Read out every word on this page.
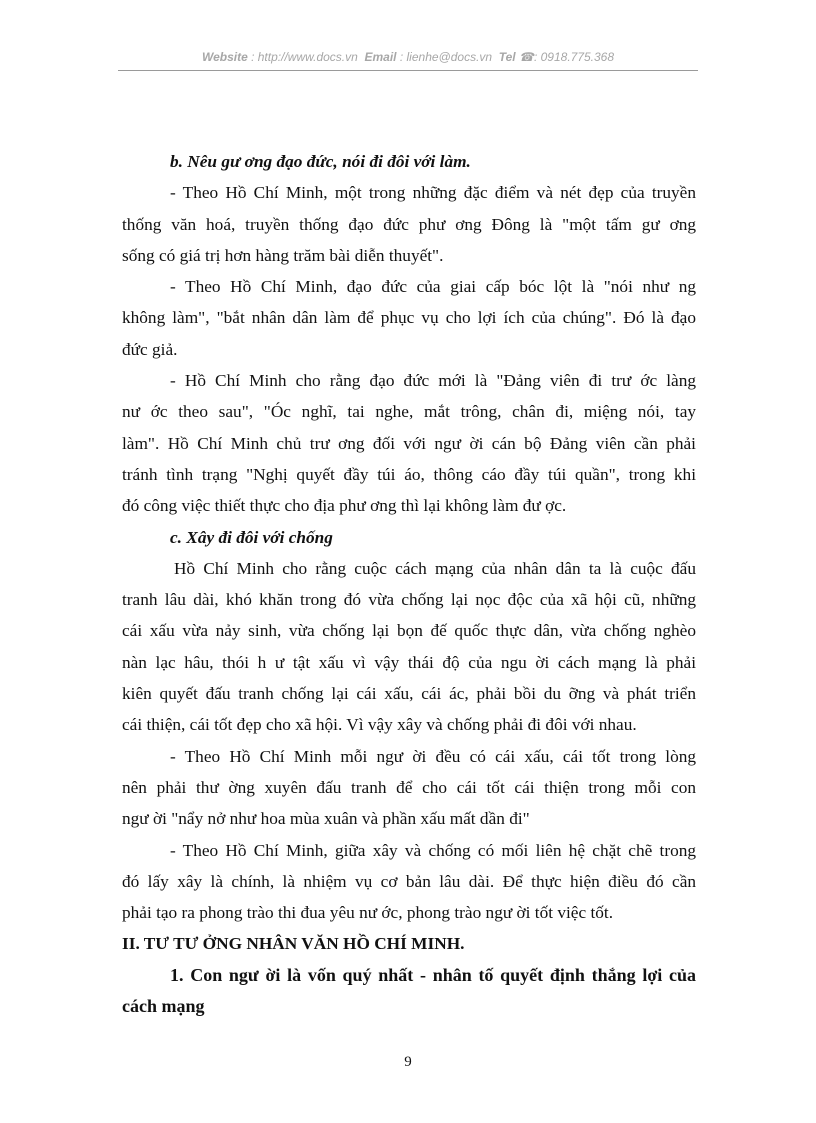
Website : http://www.docs.vn Email : lienhe@docs.vn Tel ☎: 0918.775.368
b. Nêu gư ơng đạo đức, nói đi đôi với làm.
- Theo Hồ Chí Minh, một trong những đặc điểm và nét đẹp của truyền
thống văn hoá, truyền thống đạo đức phư ơng Đông là "một tấm gư ơng
sống có giá trị hơn hàng trăm bài diễn thuyết".
- Theo Hồ Chí Minh, đạo đức của giai cấp bóc lột là "nói như ng
không làm", "bắt nhân dân làm để phục vụ cho lợi ích của chúng". Đó là đạo
đức giả.
- Hồ Chí Minh cho rằng đạo đức mới là "Đảng viên đi trư ớc làng
nư ớc theo sau", "Óc nghĩ, tai nghe, mắt trông, chân đi, miệng nói, tay
làm". Hồ Chí Minh chủ trư ơng đối với ngư ời cán bộ Đảng viên cần phải
tránh tình trạng "Nghị quyết đầy túi áo, thông cáo đầy túi quần", trong khi
đó công việc thiết thực cho địa phư ơng thì lại không làm đư ợc.
c. Xây đi đôi với chống
Hồ Chí Minh cho rằng cuộc cách mạng của nhân dân ta là cuộc đấu
tranh lâu dài, khó khăn trong đó vừa chống lại nọc độc của xã hội cũ, những
cái xấu vừa nảy sinh, vừa chống lại bọn đế quốc thực dân, vừa chống nghèo
nàn lạc hâu, thói h ư tật xấu vì vậy thái độ của ngu ời cách mạng là phải
kiên quyết đấu tranh chống lại cái xấu, cái ác, phải bồi du ỡng và phát triển
cái thiện, cái tốt đẹp cho xã hội. Vì vậy xây và chống phải đi đôi với nhau.
- Theo Hồ Chí Minh mỗi ngư ời đều có cái xấu, cái tốt trong lòng
nên phải thư ờng xuyên đấu tranh để cho cái tốt cái thiện trong mỗi con
ngư ời "nẩy nở như hoa mùa xuân và phần xấu mất dần đi"
- Theo Hồ Chí Minh, giữa xây và chống có mối liên hệ chặt chẽ trong
đó lấy xây là chính, là nhiệm vụ cơ bản lâu dài. Để thực hiện điều đó cần
phải tạo ra phong trào thi đua yêu nư ớc, phong trào ngư ời tốt việc tốt.
II. TƯ TƯ ỞNG NHÂN VĂN HỒ CHÍ MINH.
1. Con ngư ời là vốn quý nhất - nhân tố quyết định thắng lợi của
cách mạng
9
